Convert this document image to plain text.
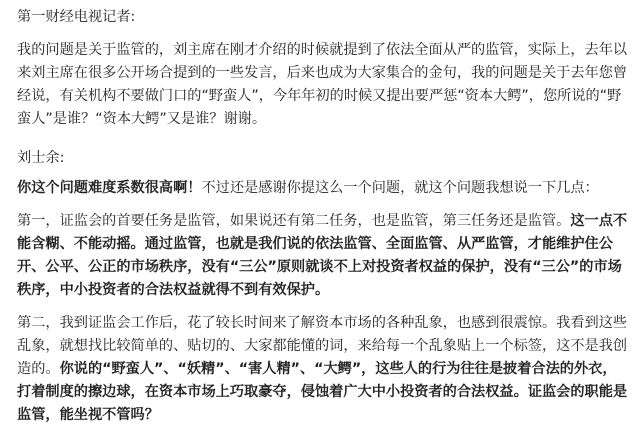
第一财经电视记者:

我的问题是关于监管的，刘主席在刚才介绍的时候就提到了依法全面从严的监管，实际上，去年以来刘主席在很多公开场合提到的一些发言，后来也成为大家集合的金句，我的问题是关于去年您曾经说，有关机构不要做门口的“野蛮人”，今年年初的时候又提出要严惩“资本大鳄”，您所说的“野蛮人”是谁？“资本大鳄”又是谁？谢谢。

刘士余:

你这个问题难度系数很高啊！不过还是感谢你提这么一个问题，就这个问题我想说一下几点：

第一，证监会的首要任务是监管，如果说还有第二任务，也是监管，第三任务还是监管。这一点不能含糊、不能动摇。通过监管，也就是我们说的依法监管、全面监管、从严监管，才能维护住公开、公平、公正的市场秩序，没有“三公”原则就谈不上对投资者权益的保护，没有“三公”的市场秩序，中小投资者的合法权益就得不到有效保护。

第二，我到证监会工作后，花了较长时间来了解资本市场的各种乱象，也感到很震惊。我看到这些乱象，就想找比较简单的、贴切的、大家都能懂的词，来给每一个乱象贴上一个标签，这不是我创造的。你说的“野蛮人”、“妖精”、“害人精”、“大鳄”，这些人的行为往往是披着合法的外衣，打着制度的擦边球，在资本市场上巧取豪夺，侵蚀着广大中小投资者的合法权益。证监会的职能是监管，能坐视不管吗？
